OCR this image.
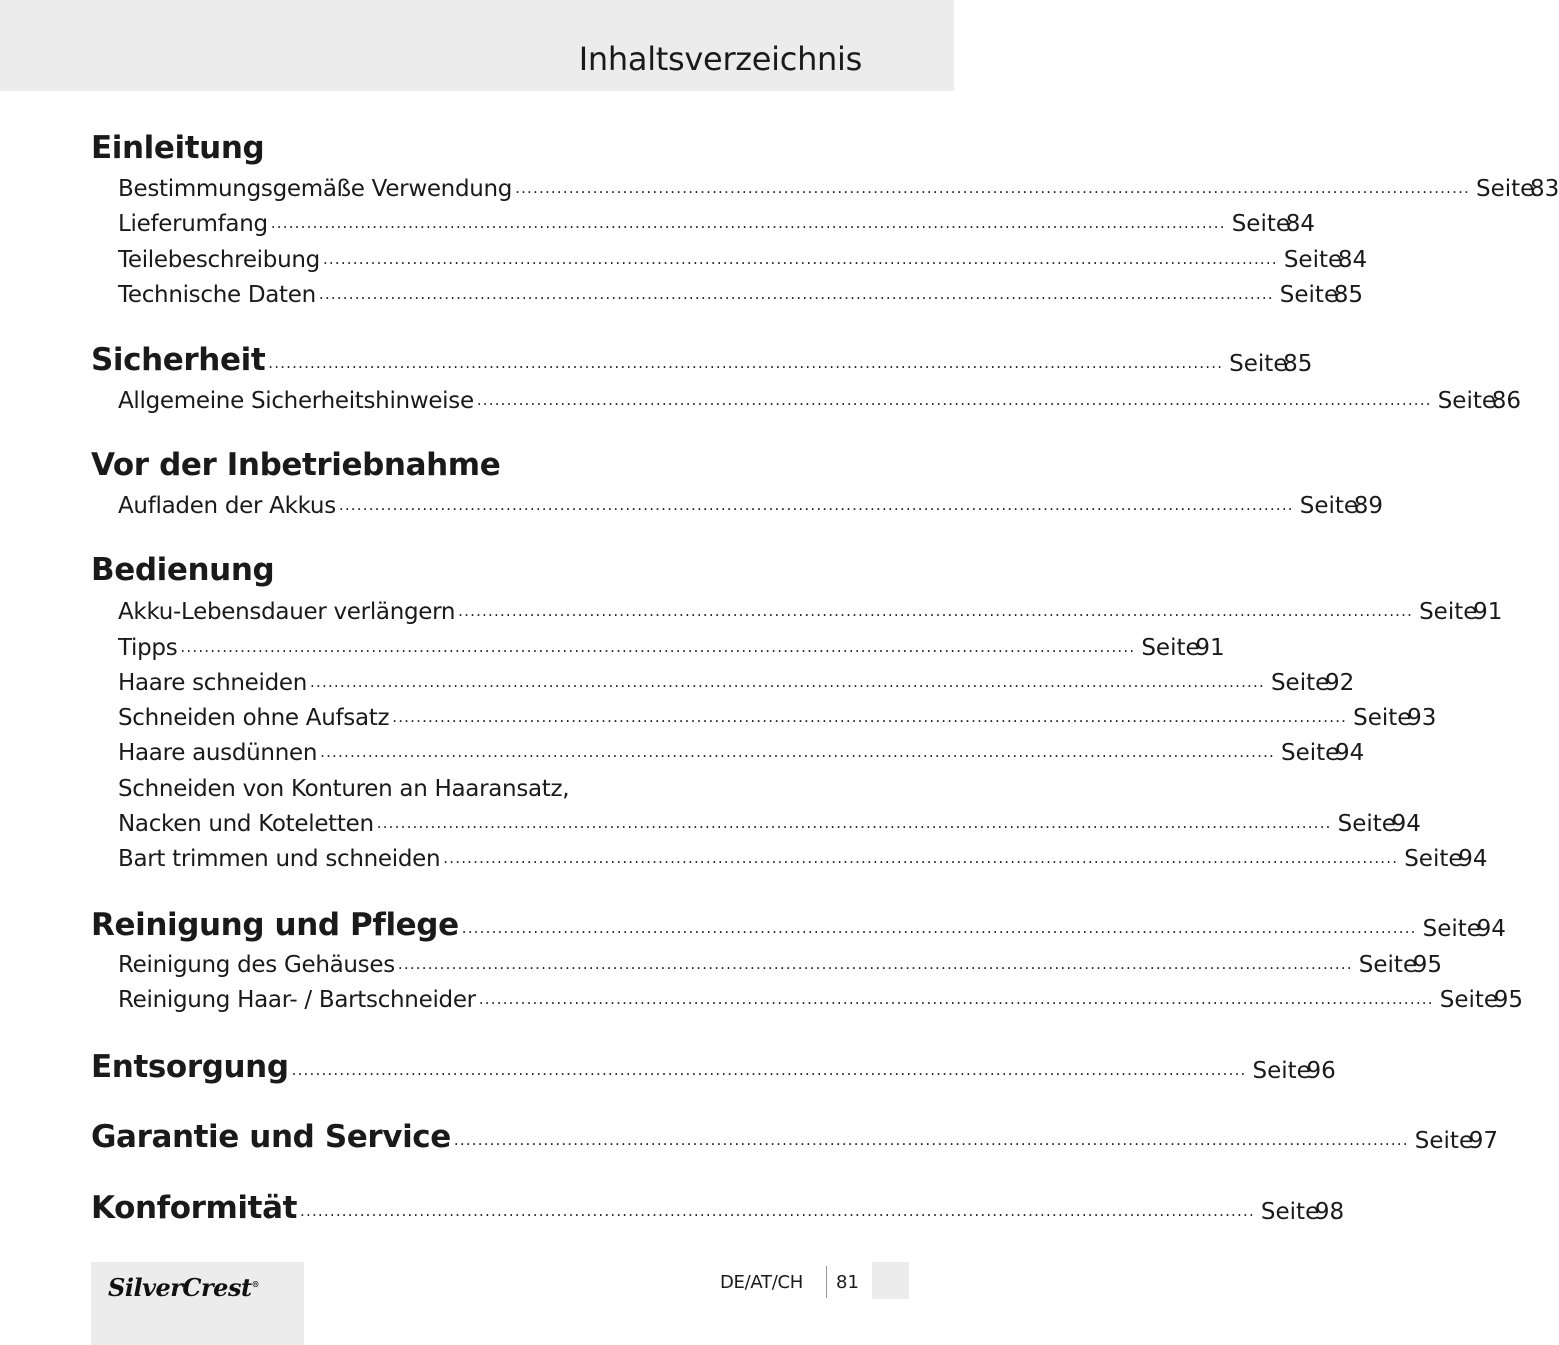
Inhaltsverzeichnis
Einleitung
Bestimmungsgemäße Verwendung ................................................................................................................................................................ Seite
83
Lieferumfang ................................................................................................................................................................ Seite
84
Teilebeschreibung ................................................................................................................................................................ Seite
84
Technische Daten ................................................................................................................................................................ Seite
85
Sicherheit ................................................................................................................................................................ Seite
85
Allgemeine Sicherheitshinweise ................................................................................................................................................................ Seite
86
Vor der Inbetriebnahme
Aufladen der Akkus ................................................................................................................................................................ Seite
89
Bedienung
Akku-Lebensdauer verlängern ................................................................................................................................................................ Seite
91
Tipps ................................................................................................................................................................ Seite
91
Haare schneiden ................................................................................................................................................................ Seite
92
Schneiden ohne Aufsatz ................................................................................................................................................................ Seite
93
Haare ausdünnen ................................................................................................................................................................ Seite
94
Schneiden von Konturen an Haaransatz,
Nacken und Koteletten ................................................................................................................................................................ Seite
94
Bart trimmen und schneiden ................................................................................................................................................................ Seite
94
Reinigung und Pflege ................................................................................................................................................................ Seite
94
Reinigung des Gehäuses ................................................................................................................................................................ Seite
95
Reinigung Haar- / Bartschneider ................................................................................................................................................................ Seite
95
Entsorgung ................................................................................................................................................................ Seite
96
Garantie und Service ................................................................................................................................................................ Seite
97
Konformität ................................................................................................................................................................ Seite
98
SilverCrest®	DE/AT/CH 81
